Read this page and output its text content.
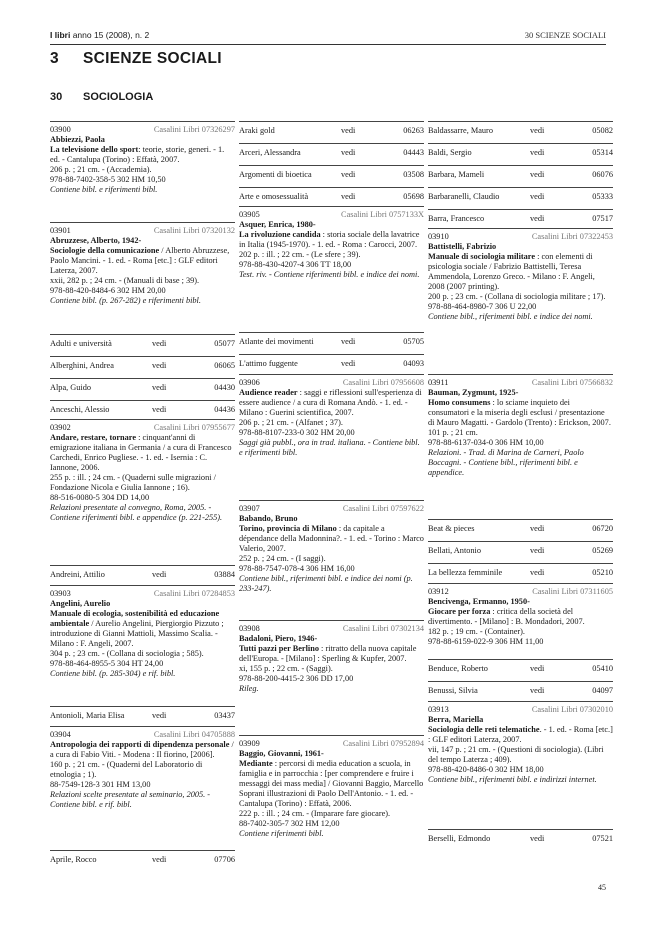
I libri anno 15 (2008), n. 2	30 SCIENZE SOCIALI
3 SCIENZE SOCIALI
30 SOCIOLOGIA
03900	Casalini Libri 07326297

Abbiezzi, Paola

La televisione dello sport: teorie, storie, generi. - 1. ed. - Cantalupa (Torino) : Effatà, 2007.

206 p. ; 21 cm. - (Accademia).

978-88-7402-358-5 302 HM 10,50

Contiene bibl. e riferimenti bibl.

03901	Casalini Libri 07320132

Abruzzese, Alberto, 1942-

Sociologie della comunicazione / Alberto Abruzzese, Paolo Mancini. - 1. ed. - Roma [etc.] : GLF editori Laterza, 2007.

xxii, 282 p. ; 24 cm. - (Manuali di base ; 39).

978-88-420-8484-6 302 HM 20,00

Contiene bibl. (p. 267-282) e riferimenti bibl.

Adulti e università	vedi	05077
Alberghini, Andrea	vedi	06065
Alpa, Guido	vedi	04430
Anceschi, Alessio	vedi	04436
03902	Casalini Libri 07955677

Andare, restare, tornare : cinquant'anni di emigrazione italiana in Germania / a cura di Francesco Carchedi, Enrico Pugliese. - 1. ed. - Isernia : C. Iannone, 2006.

255 p. : ill. ; 24 cm. - (Quaderni sulle migrazioni / Fondazione Nicola e Giulia Iannone ; 16).

88-516-0080-5 304 DD 14,00

Relazioni presentate al convegno, Roma, 2005. - Contiene riferimenti bibl. e appendice (p. 221-255).

Andreini, Attilio	vedi	03884
03903	Casalini Libri 07284853

Angelini, Aurelio

Manuale di ecologia, sostenibilità ed educazione ambientale / Aurelio Angelini, Piergiorgio Pizzuto ; introduzione di Gianni Mattioli, Massimo Scalia. - Milano : F. Angeli, 2007.

304 p. ; 23 cm. - (Collana di sociologia ; 585).

978-88-464-8955-5 304 HT 24,00

Contiene bibl. (p. 285-304) e rif. bibl.

Antonioli, Maria Elisa	vedi	03437
03904	Casalini Libri 04705888

Antropologia dei rapporti di dipendenza personale / a cura di Fabio Viti. - Modena : Il fiorino, [2006].

160 p. ; 21 cm. - (Quaderni del Laboratorio di etnologia ; 1).

88-7549-128-3 301 HM 13,00

Relazioni scelte presentate al seminario, 2005. - Contiene bibl. e rif. bibl.

Aprile, Rocco	vedi	07706
Araki gold	vedi	06263
Arceri, Alessandra	vedi	04443
Argomenti di bioetica	vedi	03508
Arte e omosessualità	vedi	05698
03905	Casalini Libri 0757133X

Asquer, Enrica, 1980-

La rivoluzione candida : storia sociale della lavatrice in Italia (1945-1970). - 1. ed. - Roma : Carocci, 2007.

202 p. : ill. ; 22 cm. - (Le sfere ; 39).

978-88-430-4207-4 306 TT 18,00

Test. riv. - Contiene riferimenti bibl. e indice dei nomi.

Atlante dei movimenti	vedi	05705
L'attimo fuggente	vedi	04093
03906	Casalini Libri 07956608

Audience reader : saggi e riflessioni sull'esperienza di essere audience / a cura di Romana Andò. - 1. ed. - Milano : Guerini scientifica, 2007.

206 p. ; 21 cm. - (Alfanet ; 37).

978-88-8107-233-0 302 HM 20,00

Saggi già pubbl., ora in trad. italiana. - Contiene bibl. e riferimenti bibl.

03907	Casalini Libri 07597622

Babando, Bruno

Torino, provincia di Milano : da capitale a dépendance della Madonnina?. - 1. ed. - Torino : Marco Valerio, 2007.

252 p. ; 24 cm. - (I saggi).

978-88-7547-078-4 306 HM 16,00

Contiene bibl., riferimenti bibl. e indice dei nomi (p. 233-247).

03908	Casalini Libri 07302134

Badaloni, Piero, 1946-

Tutti pazzi per Berlino : ritratto della nuova capitale dell'Europa. - [Milano] : Sperling & Kupfer, 2007.

xi, 155 p. ; 22 cm. - (Saggi).

978-88-200-4415-2 306 DD 17,00

Rileg.

03909	Casalini Libri 07952894

Baggio, Giovanni, 1961-

Mediante : percorsi di media education a scuola, in famiglia e in parrocchia : [per comprendere e fruire i messaggi dei mass media] / Giovanni Baggio, Marcello Soprani illustrazioni di Paolo Dell'Antonio. - 1. ed. - Cantalupa (Torino) : Effatà, 2006.

222 p. : ill. ; 24 cm. - (Imparare fare giocare).

88-7402-305-7 302 HM 12,00

Contiene riferimenti bibl.

Baldassarre, Mauro	vedi	05082
Baldi, Sergio	vedi	05314
Barbara, Mameli	vedi	06076
Barbaranelli, Claudio	vedi	05333
Barra, Francesco	vedi	07517
03910	Casalini Libri 07322453

Battistelli, Fabrizio

Manuale di sociologia militare : con elementi di psicologia sociale / Fabrizio Battistelli, Teresa Ammendola, Lorenzo Greco. - Milano : F. Angeli, 2008 (2007 printing).

200 p. ; 23 cm. - (Collana di sociologia militare ; 17).

978-88-464-8980-7 306 U 22,00

Contiene bibl., riferimenti bibl. e indice dei nomi.

03911	Casalini Libri 07566832

Bauman, Zygmunt, 1925-

Homo consumens : lo sciame inquieto dei consumatori e la miseria degli esclusi / presentazione di Mauro Magatti. - Gardolo (Trento) : Erickson, 2007.

101 p. ; 21 cm.

978-88-6137-034-0 306 HM 10,00

Relazioni. - Trad. di Marina de Carneri, Paolo Boccagni. - Contiene bibl., riferimenti bibl. e appendice.

Beat & pieces	vedi	06720
Bellati, Antonio	vedi	05269
La bellezza femminile	vedi	05210
03912	Casalini Libri 07311605

Bencivenga, Ermanno, 1950-

Giocare per forza : critica della società del divertimento. - [Milano] : B. Mondadori, 2007.

182 p. ; 19 cm. - (Container).

978-88-6159-022-9 306 HM 11,00

Benduce, Roberto	vedi	05410
Benussi, Silvia	vedi	04097
03913	Casalini Libri 07302010

Berra, Mariella

Sociologia delle reti telematiche. - 1. ed. - Roma [etc.] : GLF editori Laterza, 2007.

vii, 147 p. ; 21 cm. - (Questioni di sociologia). (Libri del tempo Laterza ; 409).

978-88-420-8486-0 302 HM 18,00

Contiene bibl., riferimenti bibl. e indirizzi internet.

Berselli, Edmondo	vedi	07521
45
